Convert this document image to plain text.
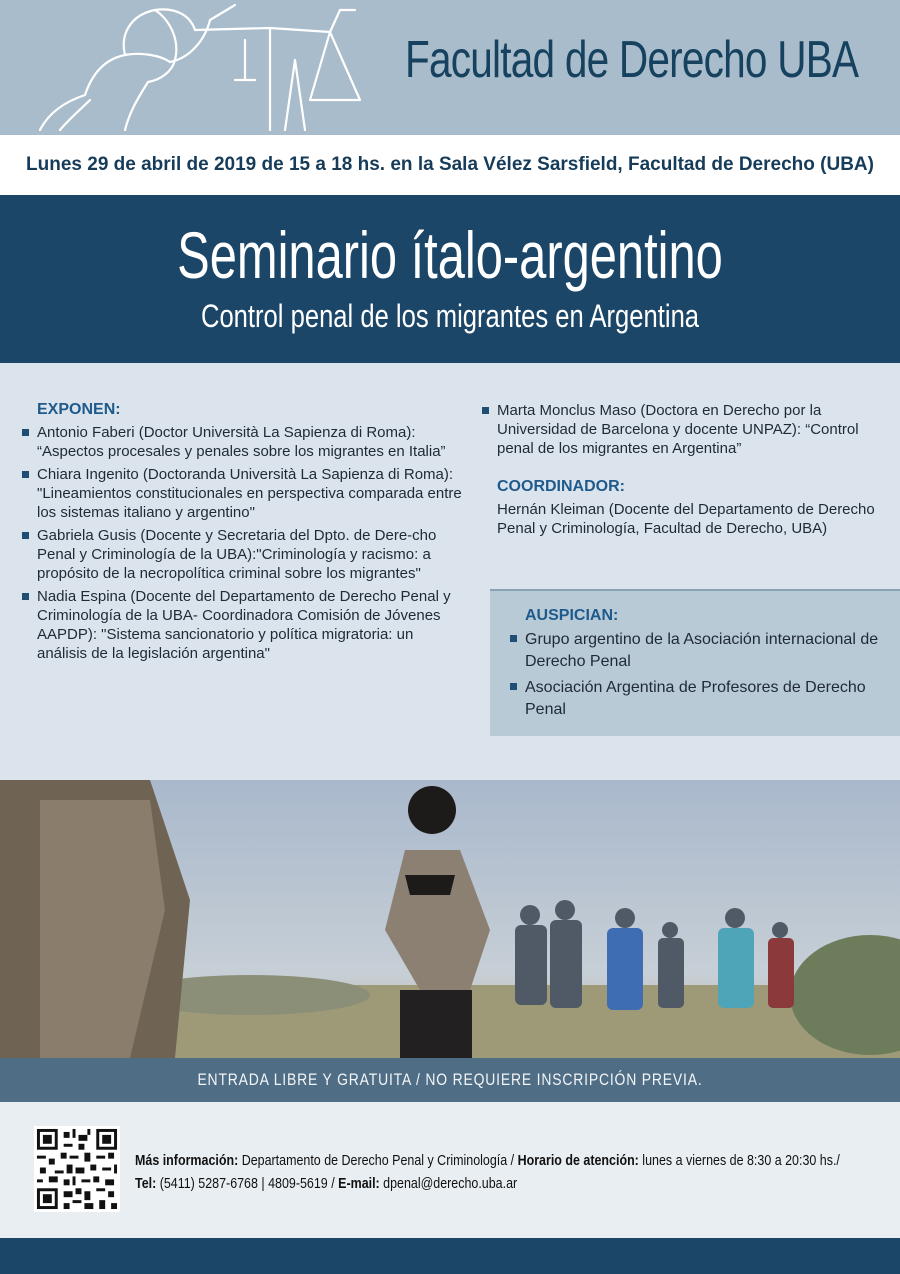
Facultad de Derecho UBA
Lunes 29 de abril de 2019 de 15 a 18 hs. en la Sala Vélez Sarsfield, Facultad de Derecho (UBA)
Seminario ítalo-argentino
Control penal de los migrantes en Argentina
EXPONEN:
Antonio Faberi (Doctor Università La Sapienza di Roma): “Aspectos procesales y penales sobre los migrantes en Italia”
Chiara Ingenito (Doctoranda Università La Sapienza di Roma): "Lineamientos constitucionales en perspectiva comparada entre los sistemas italiano y argentino"
Gabriela Gusis (Docente y Secretaria del Dpto. de Dere-cho Penal y Criminología de la UBA):"Criminología y racismo: a propósito de la necropolítica criminal sobre los migrantes"
Nadia Espina (Docente del Departamento de Derecho Penal y Criminología de la UBA- Coordinadora Comisión de Jóvenes AAPDP): "Sistema sancionatorio y política migratoria: un análisis de la legislación argentina"
Marta Monclus Maso (Doctora en Derecho por la Universidad de Barcelona y docente UNPAZ): “Control penal de los migrantes en Argentina”
COORDINADOR:
Hernán Kleiman (Docente del Departamento de Derecho Penal y Criminología, Facultad de Derecho, UBA)
AUSPICIAN:
Grupo argentino de la Asociación internacional de Derecho Penal
Asociación Argentina de Profesores de Derecho Penal
ENTRADA LIBRE Y GRATUITA / NO REQUIERE INSCRIPCIÓN PREVIA.
Más información: Departamento de Derecho Penal y Criminología / Horario de atención: lunes a viernes de 8:30 a 20:30 hs./
Tel: (5411) 5287-6768 | 4809-5619 / E-mail: dpenal@derecho.uba.ar
